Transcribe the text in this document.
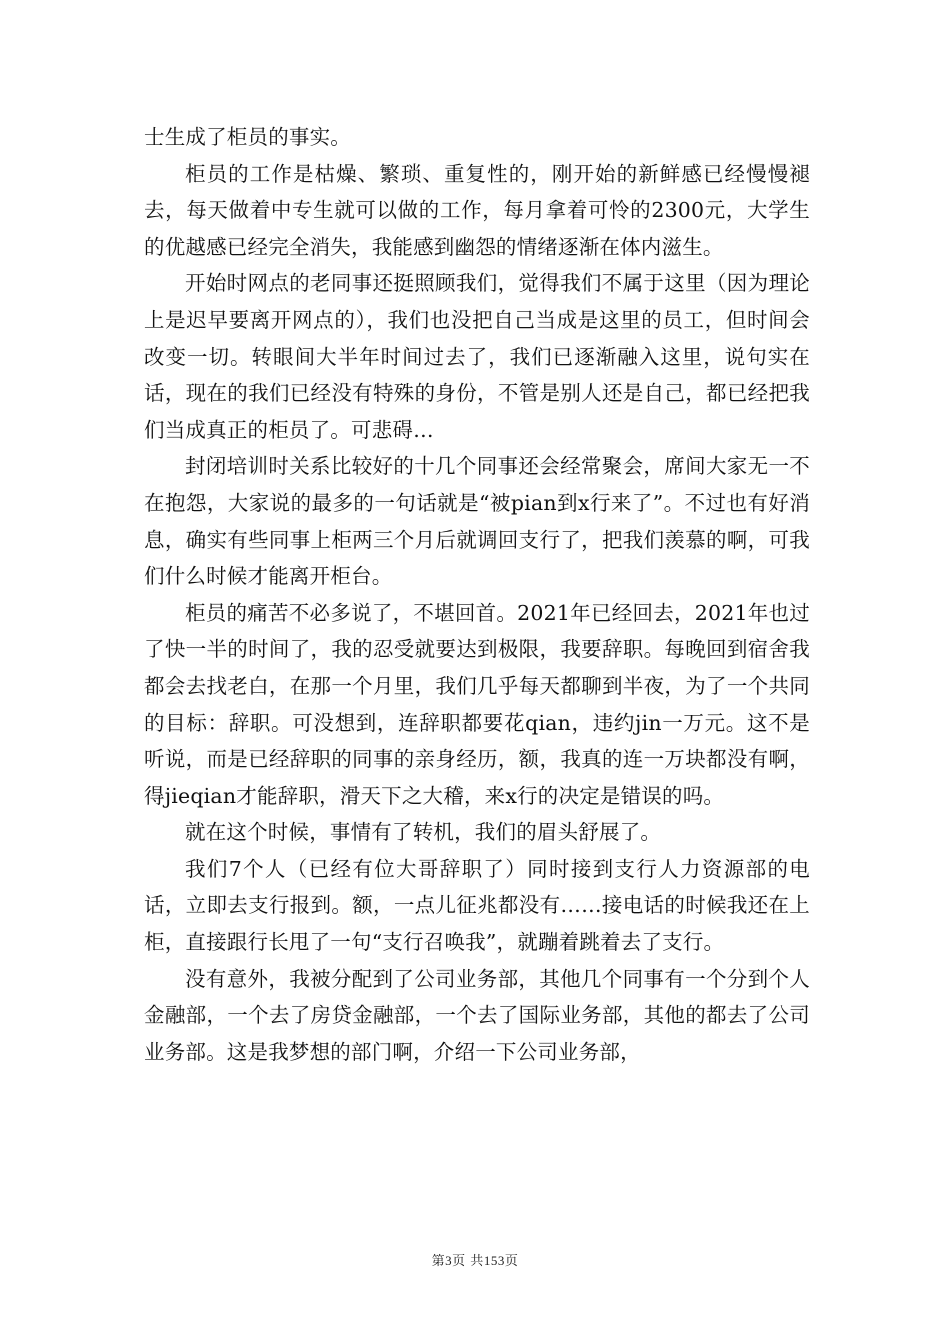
士生成了柜员的事实。

柜员的工作是枯燥、繁琐、重复性的，刚开始的新鲜感已经慢慢褪去，每天做着中专生就可以做的工作，每月拿着可怜的2300元，大学生的优越感已经完全消失，我能感到幽怨的情绪逐渐在体内滋生。

开始时网点的老同事还挺照顾我们，觉得我们不属于这里（因为理论上是迟早要离开网点的），我们也没把自己当成是这里的员工，但时间会改变一切。转眼间大半年时间过去了，我们已逐渐融入这里，说句实在话，现在的我们已经没有特殊的身份，不管是别人还是自己，都已经把我们当成真正的柜员了。可悲碍…

封闭培训时关系比较好的十几个同事还会经常聚会，席间大家无一不在抱怨，大家说的最多的一句话就是“被pian到x行来了”。不过也有好消息，确实有些同事上柜两三个月后就调回支行了，把我们羡慕的啊，可我们什么时候才能离开柜台。

柜员的痛苦不必多说了，不堪回首。2021年已经回去，2021年也过了快一半的时间了，我的忍受就要达到极限，我要辞职。每晚回到宿舍我都会去找老白，在那一个月里，我们几乎每天都聊到半夜，为了一个共同的目标：辞职。可没想到，连辞职都要花qian，违约jin一万元。这不是听说，而是已经辞职的同事的亲身经历，额，我真的连一万块都没有啊，得jieqian才能辞职，滑天下之大稽，来x行的决定是错误的吗。

就在这个时候，事情有了转机，我们的眉头舒展了。

我们7个人（已经有位大哥辞职了）同时接到支行人力资源部的电话，立即去支行报到。额，一点儿征兆都没有……接电话的时候我还在上柜，直接跟行长甩了一句“支行召唤我”，就蹦着跳着去了支行。

没有意外，我被分配到了公司业务部，其他几个同事有一个分到个人金融部，一个去了房贷金融部，一个去了国际业务部，其他的都去了公司业务部。这是我梦想的部门啊，介绍一下公司业务部，

第3页 共153页
